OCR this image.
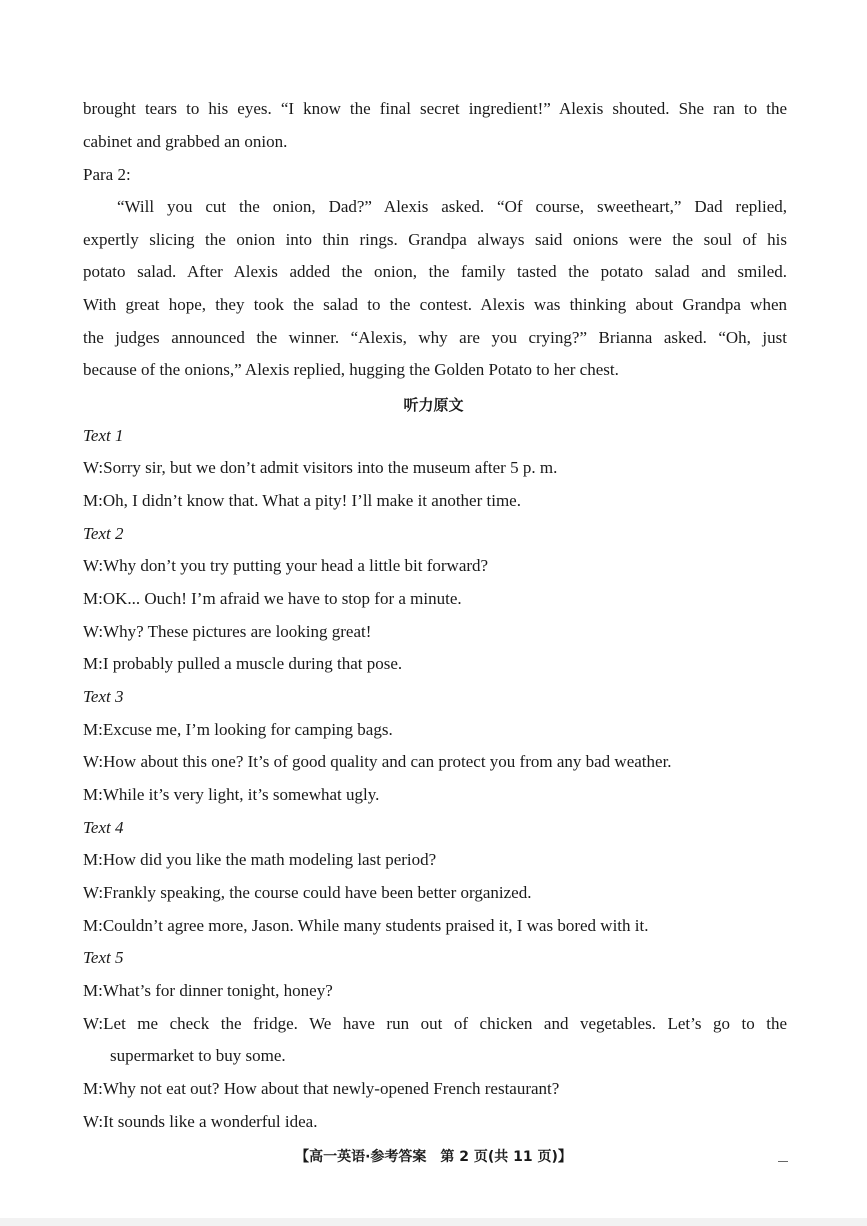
brought tears to his eyes. “I know the final secret ingredient!” Alexis shouted. She ran to the
cabinet and grabbed an onion.
Para 2:
“Will you cut the onion, Dad?” Alexis asked. “Of course, sweetheart,” Dad replied,
expertly slicing the onion into thin rings. Grandpa always said onions were the soul of his
potato salad. After Alexis added the onion, the family tasted the potato salad and smiled.
With great hope, they took the salad to the contest. Alexis was thinking about Grandpa when
the judges announced the winner. “Alexis, why are you crying?” Brianna asked. “Oh, just
because of the onions,” Alexis replied, hugging the Golden Potato to her chest.
听力原文
Text 1
W:Sorry sir, but we don’t admit visitors into the museum after 5 p. m.
M:Oh, I didn’t know that. What a pity! I’ll make it another time.
Text 2
W:Why don’t you try putting your head a little bit forward?
M:OK... Ouch! I’m afraid we have to stop for a minute.
W:Why? These pictures are looking great!
M:I probably pulled a muscle during that pose.
Text 3
M:Excuse me, I’m looking for camping bags.
W:How about this one? It’s of good quality and can protect you from any bad weather.
M:While it’s very light, it’s somewhat ugly.
Text 4
M:How did you like the math modeling last period?
W:Frankly speaking, the course could have been better organized.
M:Couldn’t agree more, Jason. While many students praised it, I was bored with it.
Text 5
M:What’s for dinner tonight, honey?
W:Let me check the fridge. We have run out of chicken and vegetables. Let’s go to the
supermarket to buy some.
M:Why not eat out? How about that newly-opened French restaurant?
W:It sounds like a wonderful idea.
【高一英语·参考答案　第 2 页(共 11 页)】
